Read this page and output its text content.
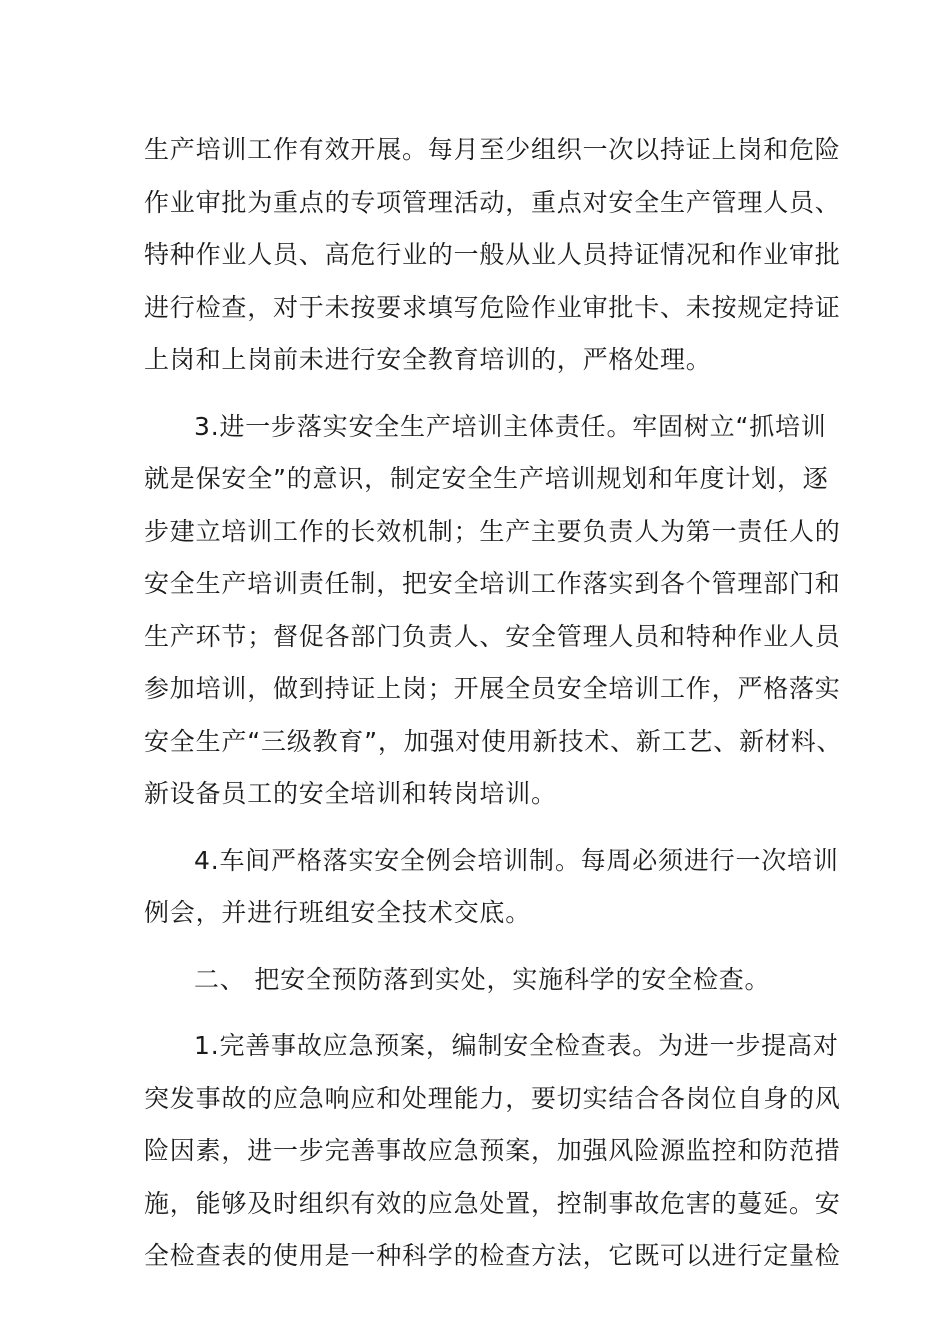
生产培训工作有效开展。每月至少组织一次以持证上岗和危险
作业审批为重点的专项管理活动，重点对安全生产管理人员、
特种作业人员、高危行业的一般从业人员持证情况和作业审批
进行检查，对于未按要求填写危险作业审批卡、未按规定持证
上岗和上岗前未进行安全教育培训的，严格处理。

3.进一步落实安全生产培训主体责任。牢固树立“抓培训
就是保安全”的意识，制定安全生产培训规划和年度计划，逐
步建立培训工作的长效机制；生产主要负责人为第一责任人的
安全生产培训责任制，把安全培训工作落实到各个管理部门和
生产环节；督促各部门负责人、安全管理人员和特种作业人员
参加培训，做到持证上岗；开展全员安全培训工作，严格落实
安全生产“三级教育”，加强对使用新技术、新工艺、新材料、
新设备员工的安全培训和转岗培训。

4.车间严格落实安全例会培训制。每周必须进行一次培训
例会，并进行班组安全技术交底。

二、 把安全预防落到实处，实施科学的安全检查。

1.完善事故应急预案，编制安全检查表。为进一步提高对
突发事故的应急响应和处理能力，要切实结合各岗位自身的风
险因素，进一步完善事故应急预案，加强风险源监控和防范措
施，能够及时组织有效的应急处置，控制事故危害的蔓延。安
全检查表的使用是一种科学的检查方法，它既可以进行定量检
